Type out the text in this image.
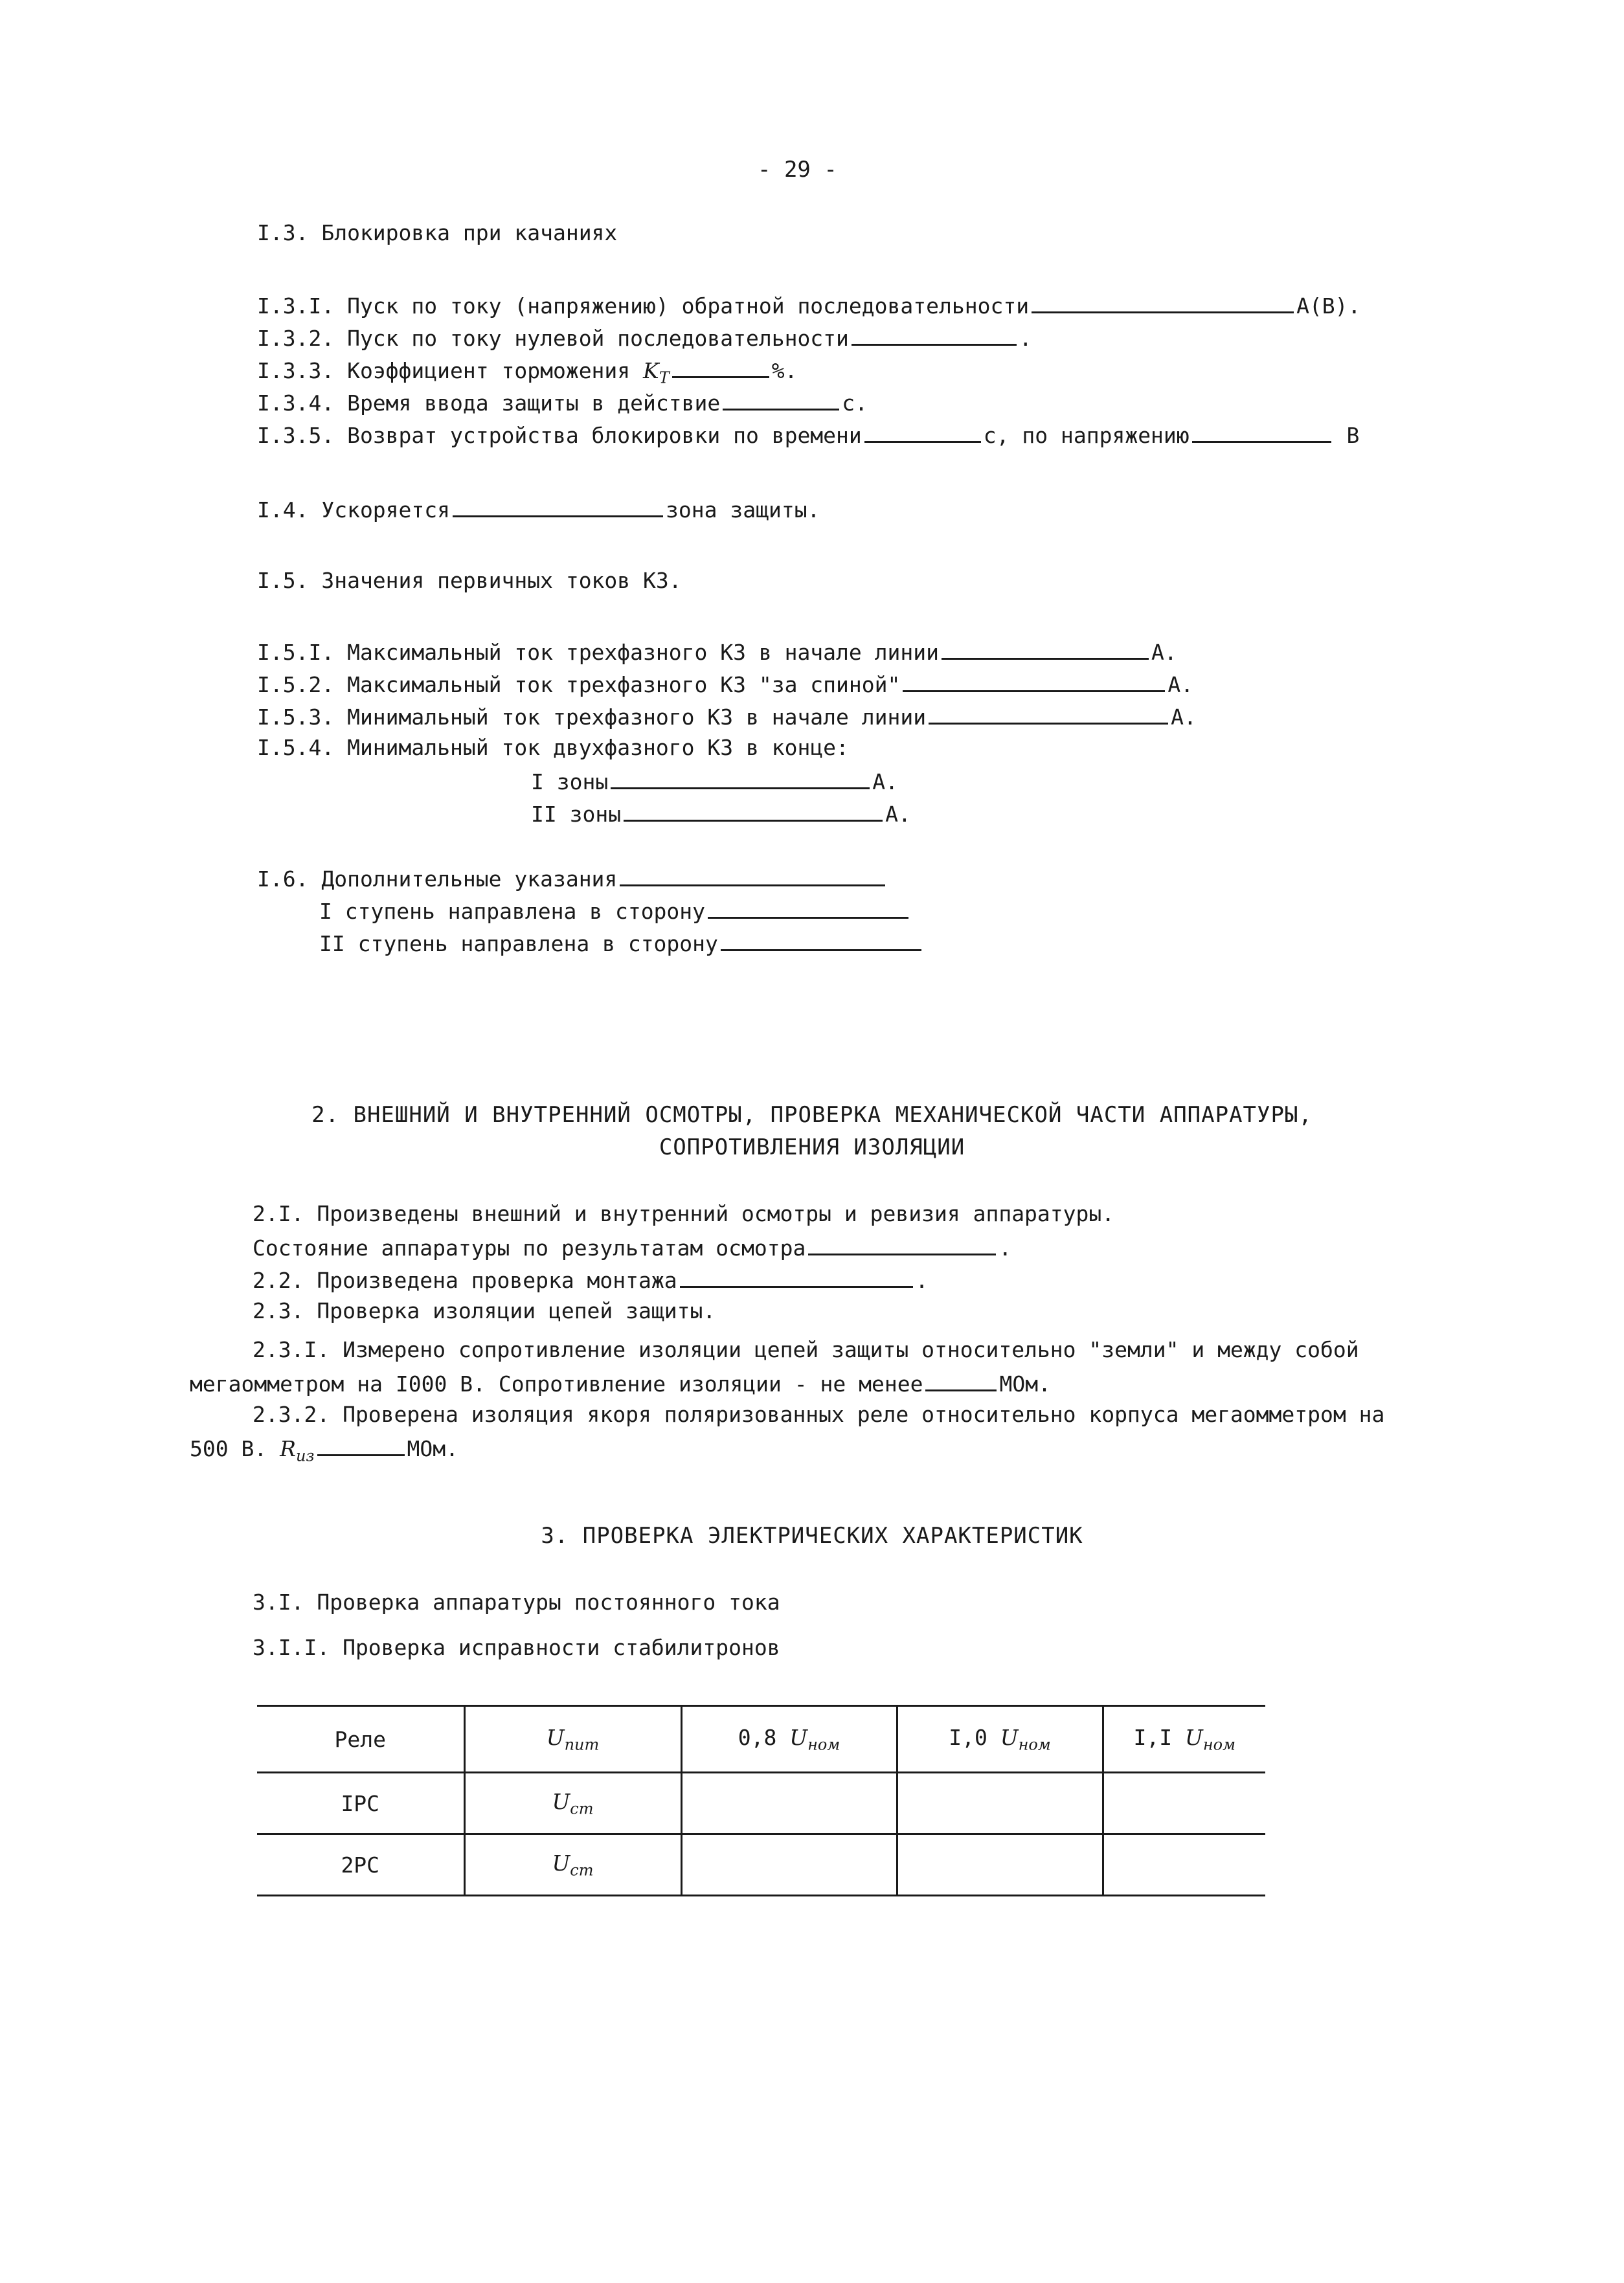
- 29 -
I.3. Блокировка при качаниях
I.3.I. Пуск по току (напряжению) обратной последовательности	А(В).
I.3.2. Пуск по току нулевой последовательности	.
I.3.3. Коэффициент торможения $K_T$	%.
I.3.4. Время ввода защиты в действие	с.
I.3.5. Возврат устройства блокировки по времени	с, по напряжению	В
I.4. Ускоряется	зона защиты.
I.5. Значения первичных токов КЗ.
I.5.I. Максимальный ток трехфазного КЗ в начале линии	А.
I.5.2. Максимальный ток трехфазного КЗ "за спиной"	А.
I.5.3. Минимальный ток трехфазного КЗ в начале линии	А.
I.5.4. Минимальный ток двухфазного КЗ в конце:
I зоны	А.
II зоны	А.
I.6. Дополнительные указания
I ступень направлена в сторону
II ступень направлена в сторону
2. ВНЕШНИЙ И ВНУТРЕННИЙ ОСМОТРЫ, ПРОВЕРКА МЕХАНИЧЕСКОЙ ЧАСТИ АППАРАТУРЫ,
СОПРОТИВЛЕНИЯ ИЗОЛЯЦИИ
2.I. Произведены внешний и внутренний осмотры и ревизия аппаратуры.
Состояние аппаратуры по результатам осмотра	.
2.2. Произведена проверка монтажа	.
2.3. Проверка изоляции цепей защиты.
2.3.I. Измерено сопротивление изоляции цепей защиты относительно "земли" и между собой
мегаомметром на I000 В. Сопротивление изоляции - не менее	МОм.
2.3.2. Проверена изоляция якоря поляризованных реле относительно корпуса мегаомметром на
500 В. $R_{из}$	МОм.
3. ПРОВЕРКА ЭЛЕКТРИЧЕСКИХ ХАРАКТЕРИСТИК
3.I. Проверка аппаратуры постоянного тока
3.I.I. Проверка исправности стабилитронов
Реле	$U_{пит}$	0,8 $U_{ном}$	I,0 $U_{ном}$	I,I $U_{ном}$
IРС	$U_{ст}$			
2РС	$U_{ст}$			
